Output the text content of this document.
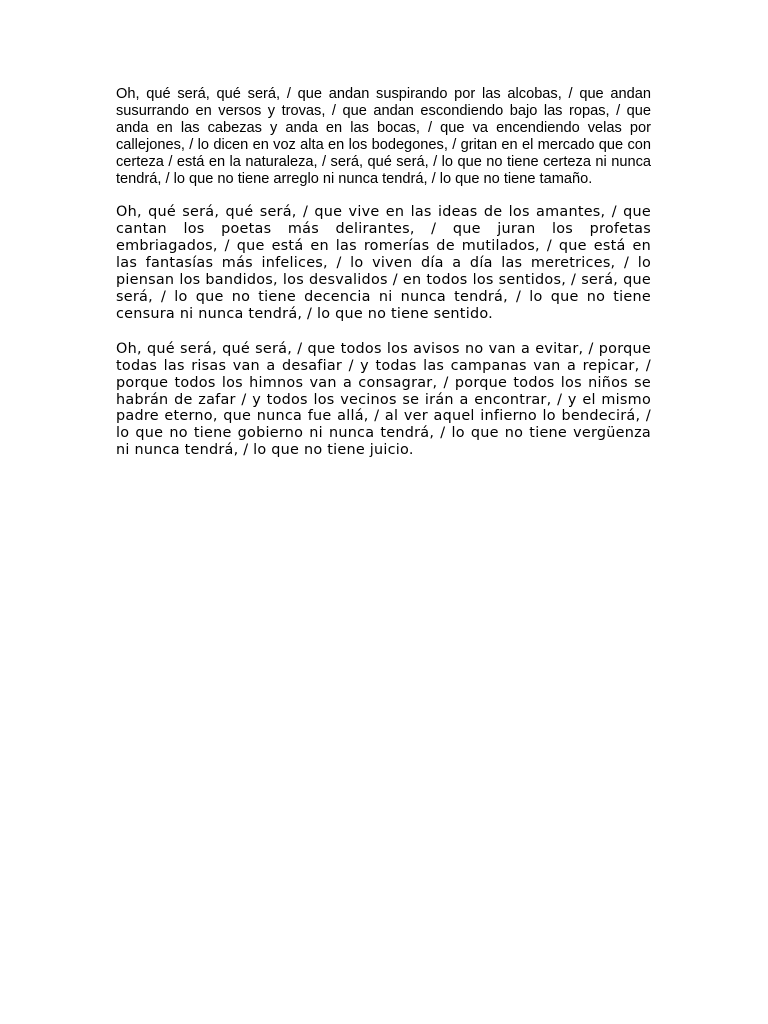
Oh, qué será, qué será, / que andan suspirando por las alcobas, / que andan susurrando en versos y trovas, / que andan escondiendo bajo las ropas, / que anda en las cabezas y anda en las bocas, / que va encendiendo velas por callejones, / lo dicen en voz alta en los bodegones, / gritan en el mercado que con certeza / está en la naturaleza, / será, qué será, / lo que no tiene certeza ni nunca tendrá, / lo que no tiene arreglo ni nunca tendrá, / lo que no tiene tamaño.

Oh, qué será, qué será, / que vive en las ideas de los amantes, / que cantan los poetas más delirantes, / que juran los profetas embriagados, / que está en las romerías de mutilados, / que está en las fantasías más infelices, / lo viven día a día las meretrices, / lo piensan los bandidos, los desvalidos / en todos los sentidos, / será, que será, / lo que no tiene decencia ni nunca tendrá, / lo que no tiene censura ni nunca tendrá, / lo que no tiene sentido.

Oh, qué será, qué será, / que todos los avisos no van a evitar, / porque todas las risas van a desafiar / y todas las campanas van a repicar, / porque todos los himnos van a consagrar, / porque todos los niños se habrán de zafar / y todos los vecinos se irán a encontrar, / y el mismo padre eterno, que nunca fue allá, / al ver aquel infierno lo bendecirá, / lo que no tiene gobierno ni nunca tendrá, / lo que no tiene vergüenza ni nunca tendrá, / lo que no tiene juicio.
